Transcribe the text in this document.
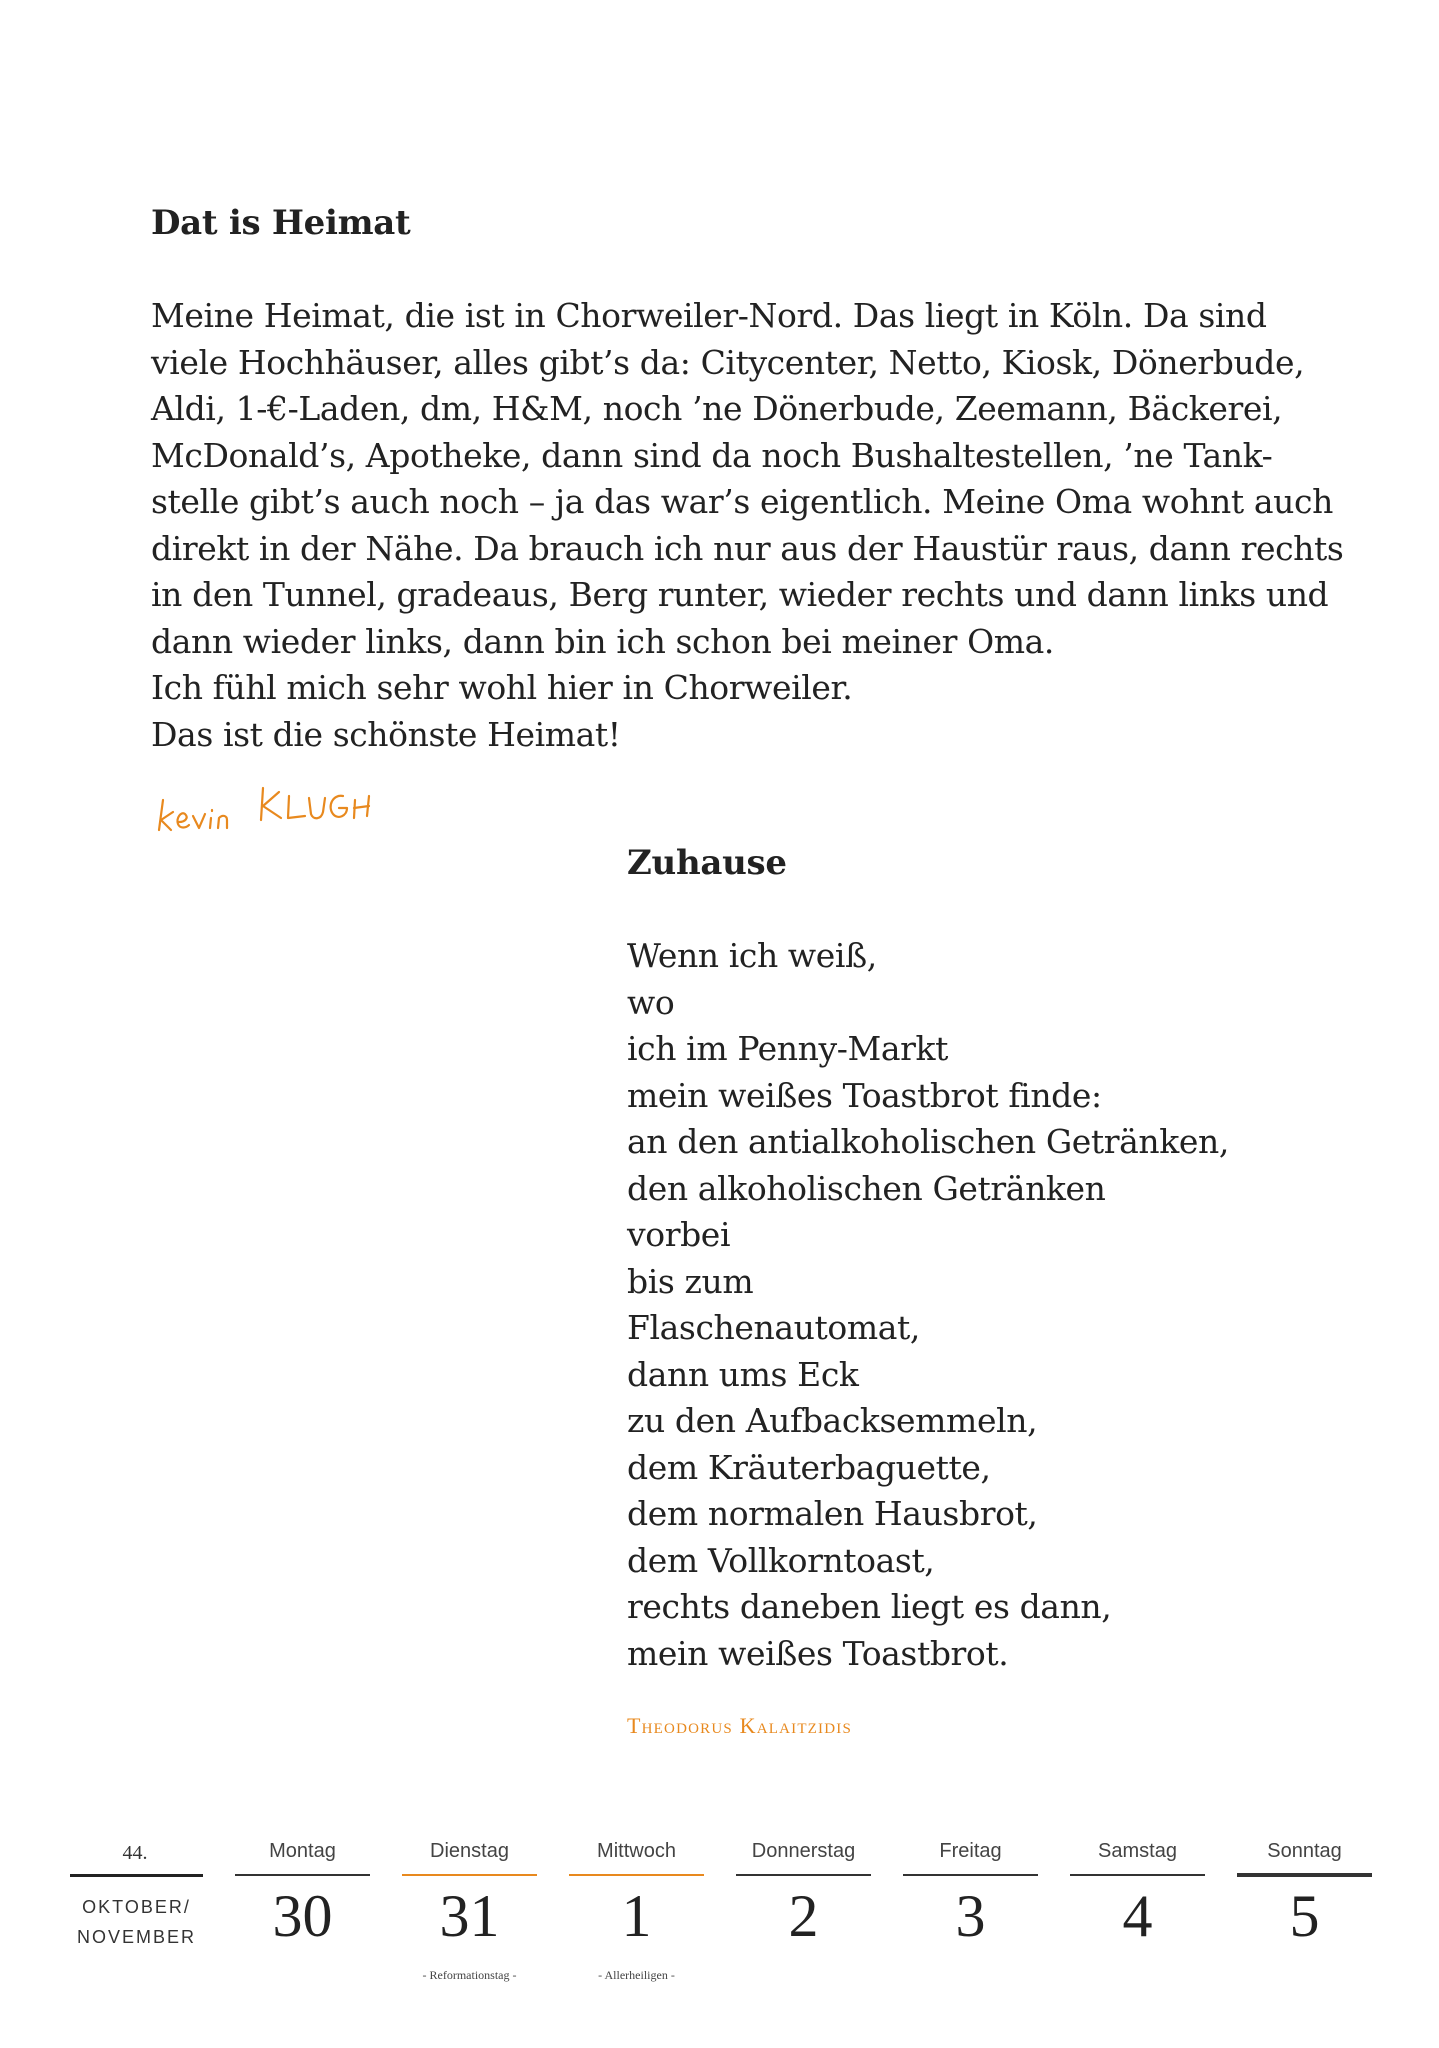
Dat is Heimat

Meine Heimat, die ist in Chorweiler-Nord. Das liegt in Köln. Da sind

viele Hochhäuser, alles gibt’s da: Citycenter, Netto, Kiosk, Dönerbude,

Aldi, 1-€-Laden, dm, H&M, noch ’ne Dönerbude, Zeemann, Bäckerei,

McDonald’s, Apotheke, dann sind da noch Bushaltestellen, ’ne Tank-

stelle gibt’s auch noch – ja das war’s eigentlich. Meine Oma wohnt auch

direkt in der Nähe. Da brauch ich nur aus der Haustür raus, dann rechts

in den Tunnel, gradeaus, Berg runter, wieder rechts und dann links und

dann wieder links, dann bin ich schon bei meiner Oma.

Ich fühl mich sehr wohl hier in Chorweiler.

Das ist die schönste Heimat!

Zuhause

Wenn ich weiß,

wo

ich im Penny-Markt

mein weißes Toastbrot finde:

an den antialkoholischen Getränken,

den alkoholischen Getränken

vorbei

bis zum

Flaschenautomat,

dann ums Eck

zu den Aufbacksemmeln,

dem Kräuterbaguette,

dem normalen Hausbrot,

dem Vollkorntoast,

rechts daneben liegt es dann,

mein weißes Toastbrot.

Theodorus Kalaitzidis
44.
OKTOBER/
NOVEMBER
Montag
30
Dienstag
31
- Reformationstag -
Mittwoch
1
- Allerheiligen -
Donnerstag
2
Freitag
3
Samstag
4
Sonntag
5
